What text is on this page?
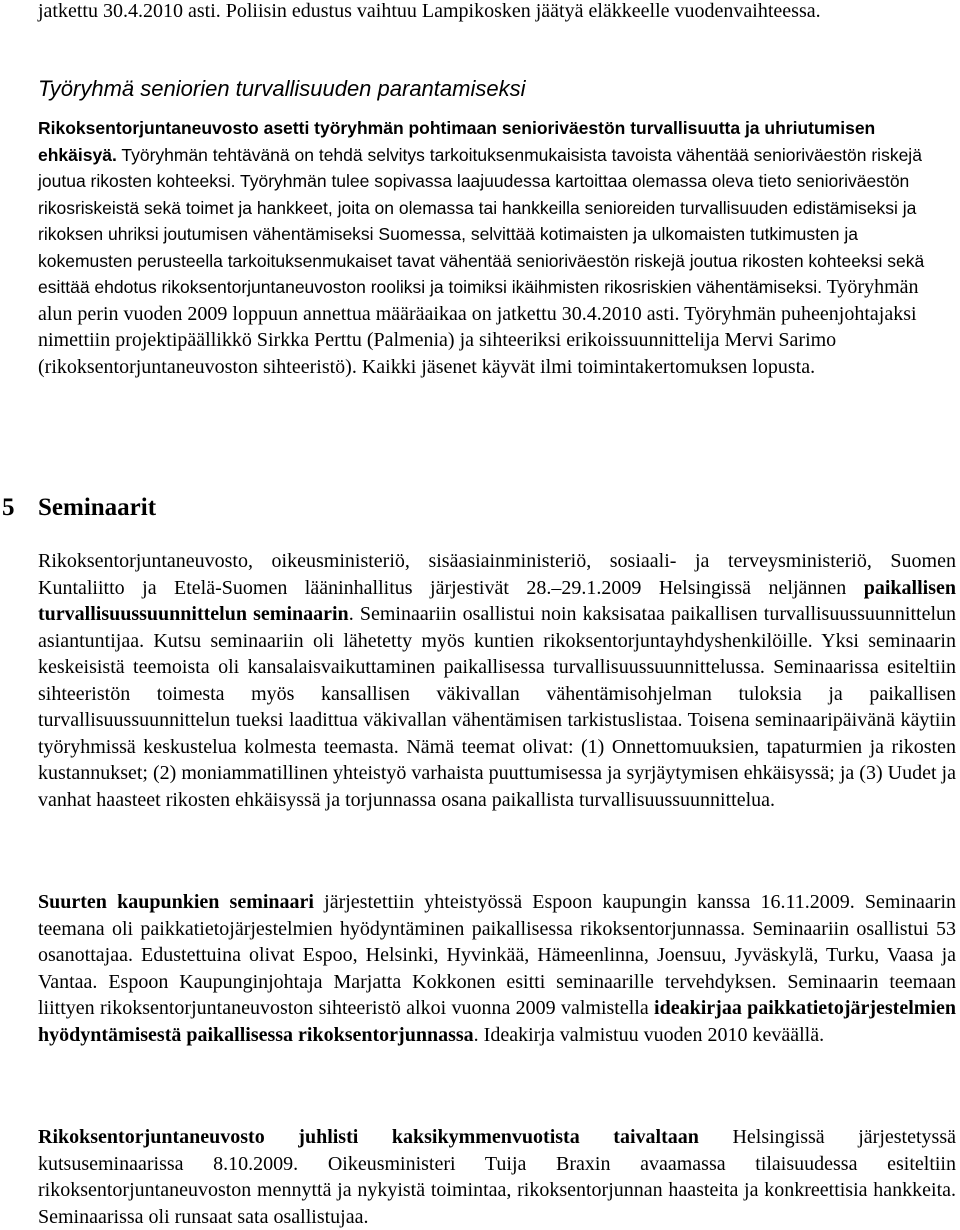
jatkettu 30.4.2010 asti. Poliisin edustus vaihtuu Lampikosken jäätyä eläkkeelle vuodenvaihteessa.

Työryhmä seniorien turvallisuuden parantamiseksi

Rikoksentorjuntaneuvosto asetti työryhmän pohtimaan senioriväestön turvallisuutta ja uhriutumisen ehkäisyä. Työryhmän tehtävänä on tehdä selvitys tarkoituksenmukaisista tavoista vähentää senioriväestön riskejä joutua rikosten kohteeksi. Työryhmän tulee sopivassa laajuudessa kartoittaa olemassa oleva tieto senioriväestön rikosriskeistä sekä toimet ja hankkeet, joita on olemassa tai hankkeilla senioreiden turvallisuuden edistämiseksi ja rikoksen uhriksi joutumisen vähentämiseksi Suomessa, selvittää kotimaisten ja ulkomaisten tutkimusten ja kokemusten perusteella tarkoituksenmukaiset tavat vähentää senioriväestön riskejä joutua rikosten kohteeksi sekä esittää ehdotus rikoksentorjuntaneuvoston rooliksi ja toimiksi ikäihmisten rikosriskien vähentämiseksi. Työryhmän alun perin vuoden 2009 loppuun annettua määräaikaa on jatkettu 30.4.2010 asti. Työryhmän puheenjohtajaksi nimettiin projektipäällikkö Sirkka Perttu (Palmenia) ja sihteeriksi erikoissuunnittelija Mervi Sarimo (rikoksentorjuntaneuvoston sihteeristö). Kaikki jäsenet käyvät ilmi toimintakertomuksen lopusta.

5 Seminaarit

Rikoksentorjuntaneuvosto, oikeusministeriö, sisäasiainministeriö, sosiaali- ja terveysministeriö, Suomen Kuntaliitto ja Etelä-Suomen lääninhallitus järjestivät 28.–29.1.2009 Helsingissä neljännen paikallisen turvallisuussuunnittelun seminaarin. Seminaariin osallistui noin kaksisataa paikallisen turvallisuussuunnittelun asiantuntijaa. Kutsu seminaariin oli lähetetty myös kuntien rikoksentorjuntayhdyshenkilöille. Yksi seminaarin keskeisistä teemoista oli kansalaisvaikuttaminen paikallisessa turvallisuussuunnittelussa. Seminaarissa esiteltiin sihteeristön toimesta myös kansallisen väkivallan vähentämisohjelman tuloksia ja paikallisen turvallisuussuunnittelun tueksi laadittua väkivallan vähentämisen tarkistuslistaa. Toisena seminaaripäivänä käytiin työryhmissä keskustelua kolmesta teemasta. Nämä teemat olivat: (1) Onnettomuuksien, tapaturmien ja rikosten kustannukset; (2) moniammatillinen yhteistyö varhaista puuttumisessa ja syrjäytymisen ehkäisyssä; ja (3) Uudet ja vanhat haasteet rikosten ehkäisyssä ja torjunnassa osana paikallista turvallisuussuunnittelua.

Suurten kaupunkien seminaari järjestettiin yhteistyössä Espoon kaupungin kanssa 16.11.2009. Seminaarin teemana oli paikkatietojärjestelmien hyödyntäminen paikallisessa rikoksentorjunnassa. Seminaariin osallistui 53 osanottajaa. Edustettuina olivat Espoo, Helsinki, Hyvinkää, Hämeenlinna, Joensuu, Jyväskylä, Turku, Vaasa ja Vantaa. Espoon Kaupunginjohtaja Marjatta Kokkonen esitti seminaarille tervehdyksen. Seminaarin teemaan liittyen rikoksentorjuntaneuvoston sihteeristö alkoi vuonna 2009 valmistella ideakirjaa paikkatietojärjestelmien hyödyntämisestä paikallisessa rikoksentorjunnassa. Ideakirja valmistuu vuoden 2010 keväällä.

Rikoksentorjuntaneuvosto juhlisti kaksikymmenvuotista taivaltaan Helsingissä järjestetyssä kutsuseminaarissa 8.10.2009. Oikeusministeri Tuija Braxin avaamassa tilaisuudessa esiteltiin rikoksentorjuntaneuvoston mennyttä ja nykyistä toimintaa, rikoksentorjunnan haasteita ja konkreettisia hankkeita. Seminaarissa oli runsaat sata osallistujaa.
